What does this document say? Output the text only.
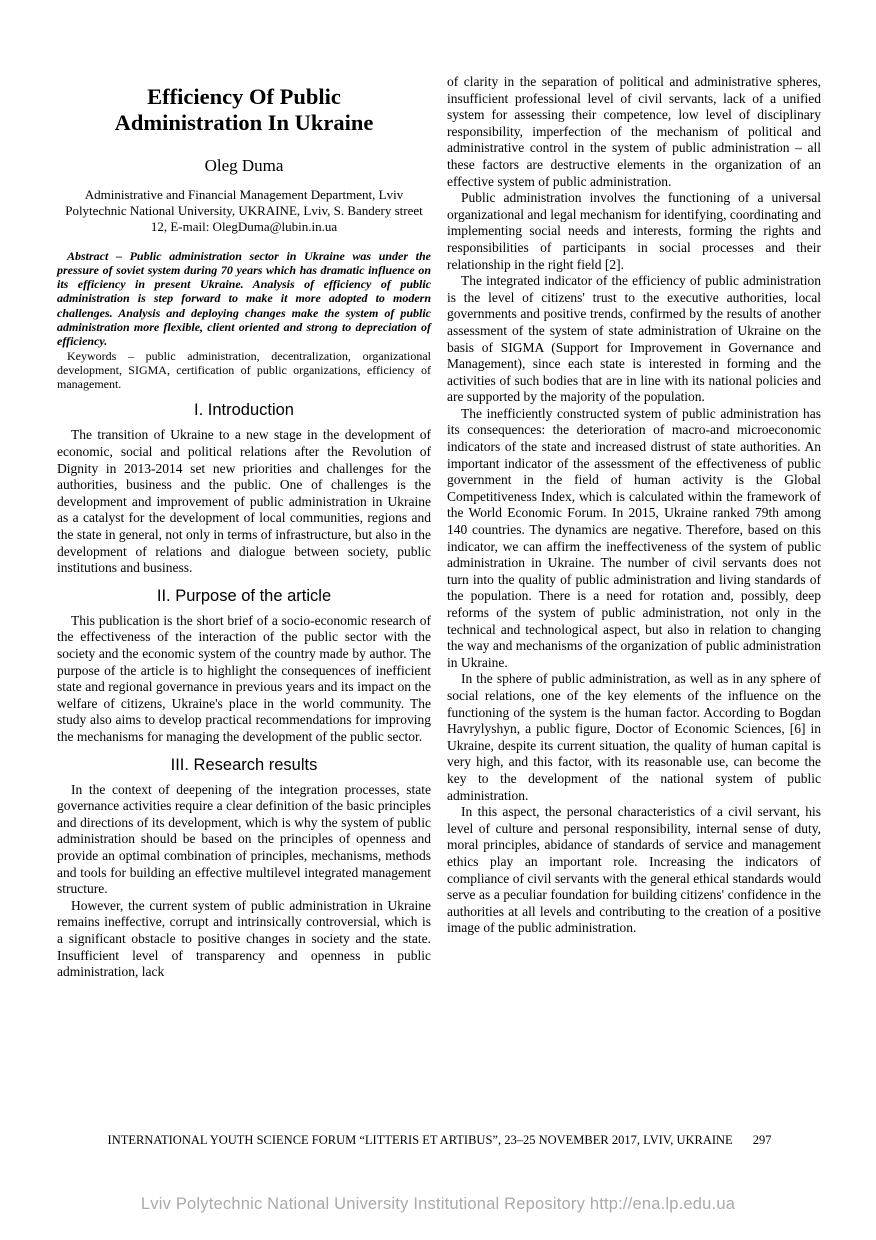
Efficiency Of Public Administration In Ukraine
Oleg Duma
Administrative and Financial Management Department, Lviv Polytechnic National University, UKRAINE, Lviv, S. Bandery street 12, E-mail: OlegDuma@lubin.in.ua

Abstract – Public administration sector in Ukraine was under the pressure of soviet system during 70 years which has dramatic influence on its efficiency in present Ukraine. Analysis of efficiency of public administration is step forward to make it more adopted to modern challenges. Analysis and deploying changes make the system of public administration more flexible, client oriented and strong to depreciation of efficiency.

Keywords – public administration, decentralization, organizational development, SIGMA, certification of public organizations, efficiency of management.

I. Introduction

The transition of Ukraine to a new stage in the development of economic, social and political relations after the Revolution of Dignity in 2013-2014 set new priorities and challenges for the authorities, business and the public. One of challenges is the development and improvement of public administration in Ukraine as a catalyst for the development of local communities, regions and the state in general, not only in terms of infrastructure, but also in the development of relations and dialogue between society, public institutions and business.

II. Purpose of the article

This publication is the short brief of a socio-economic research of the effectiveness of the interaction of the public sector with the society and the economic system of the country made by author. The purpose of the article is to highlight the consequences of inefficient state and regional governance in previous years and its impact on the welfare of citizens, Ukraine's place in the world community. The study also aims to develop practical recommendations for improving the mechanisms for managing the development of the public sector.

III. Research results

In the context of deepening of the integration processes, state governance activities require a clear definition of the basic principles and directions of its development, which is why the system of public administration should be based on the principles of openness and provide an optimal combination of principles, mechanisms, methods and tools for building an effective multilevel integrated management structure.

However, the current system of public administration in Ukraine remains ineffective, corrupt and intrinsically controversial, which is a significant obstacle to positive changes in society and the state. Insufficient level of transparency and openness in public administration, lack

of clarity in the separation of political and administrative spheres, insufficient professional level of civil servants, lack of a unified system for assessing their competence, low level of disciplinary responsibility, imperfection of the mechanism of political and administrative control in the system of public administration – all these factors are destructive elements in the organization of an effective system of public administration.

Public administration involves the functioning of a universal organizational and legal mechanism for identifying, coordinating and implementing social needs and interests, forming the rights and responsibilities of participants in social processes and their relationship in the right field [2].

The integrated indicator of the efficiency of public administration is the level of citizens' trust to the executive authorities, local governments and positive trends, confirmed by the results of another assessment of the system of state administration of Ukraine on the basis of SIGMA (Support for Improvement in Governance and Management), since each state is interested in forming and the activities of such bodies that are in line with its national policies and are supported by the majority of the population.

The inefficiently constructed system of public administration has its consequences: the deterioration of macro-and microeconomic indicators of the state and increased distrust of state authorities. An important indicator of the assessment of the effectiveness of public government in the field of human activity is the Global Competitiveness Index, which is calculated within the framework of the World Economic Forum. In 2015, Ukraine ranked 79th among 140 countries. The dynamics are negative. Therefore, based on this indicator, we can affirm the ineffectiveness of the system of public administration in Ukraine. The number of civil servants does not turn into the quality of public administration and living standards of the population. There is a need for rotation and, possibly, deep reforms of the system of public administration, not only in the technical and technological aspect, but also in relation to changing the way and mechanisms of the organization of public administration in Ukraine.

In the sphere of public administration, as well as in any sphere of social relations, one of the key elements of the influence on the functioning of the system is the human factor. According to Bogdan Havrylyshyn, a public figure, Doctor of Economic Sciences, [6] in Ukraine, despite its current situation, the quality of human capital is very high, and this factor, with its reasonable use, can become the key to the development of the national system of public administration.

In this aspect, the personal characteristics of a civil servant, his level of culture and personal responsibility, internal sense of duty, moral principles, abidance of standards of service and management ethics play an important role. Increasing the indicators of compliance of civil servants with the general ethical standards would serve as a peculiar foundation for building citizens' confidence in the authorities at all levels and contributing to the creation of a positive image of the public administration.

INTERNATIONAL YOUTH SCIENCE FORUM “LITTERIS ET ARTIBUS”, 23–25 NOVEMBER 2017, LVIV, UKRAINE 297
Lviv Polytechnic National University Institutional Repository http://ena.lp.edu.ua
